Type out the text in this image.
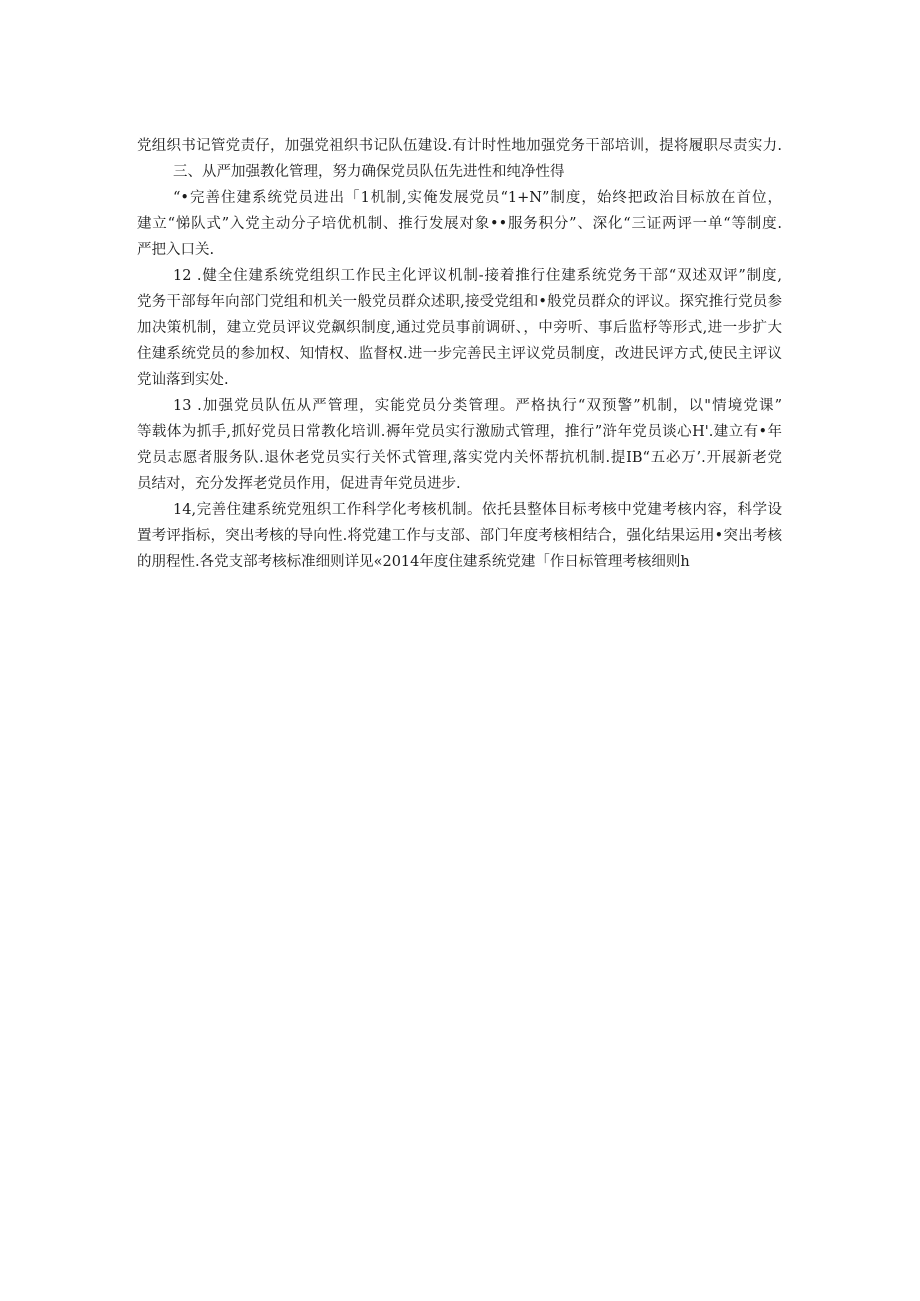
党组织书记管党责仔，加强党祖织书记队伍建设.有计时性地加强党务干部培训，提将履职尽责实力.
三、从严加强教化管理，努力确保党员队伍先进性和纯净性得
“•完善住建系统党员进出「1机制,实俺发展党员“1+N”制度，始终把政治目标放在首位，
建立“悌队式”入党主动分子培优机制、推行发展对象••服务积分”、深化“三证两评一单“等制度.
严把入口关.
12 .健全住建系统党组织工作民主化评议机制-接着推行住建系统党务干部“双述双评”制度,
党务干部每年向部门党组和机关一般党员群众述职,接受党组和•般党员群众的评议。探究推行党员参
加决策机制，建立党员评议党飙织制度,通过党员事前调研、，中旁听、事后监杼等形式,进一步扩大
住建系统党员的参加权、知情权、监督权.进一步完善民主评议党员制度，改进民评方式,使民主评议
党讪落到实处.
13 .加强党员队伍从严管理，实能党员分类管理。严格执行“双预警”机制，以"情境党课”
等载体为抓手,抓好党员日常教化培训.褥年党员实行激励式管理，推行”浒年党员谈心H'.建立有•年
党员志愿者服务队.退休老党员实行关怀式管理,落实党内关怀帮抗机制.提IB“五必万’.开展新老党
员结对，充分发挥老党员作用，促进青年党员进步.
14,完善住建系统党殂织工作科学化考核机制。依托县整体目标考核中党建考核内容，科学设
置考评指标，突出考核的导向性.将党建工作与支部、部门年度考核相结合，强化结果运用•突出考核
的朋程性.各党支部考核标准细则详见«2014年度住建系统党建「作日标管理考核细则h
